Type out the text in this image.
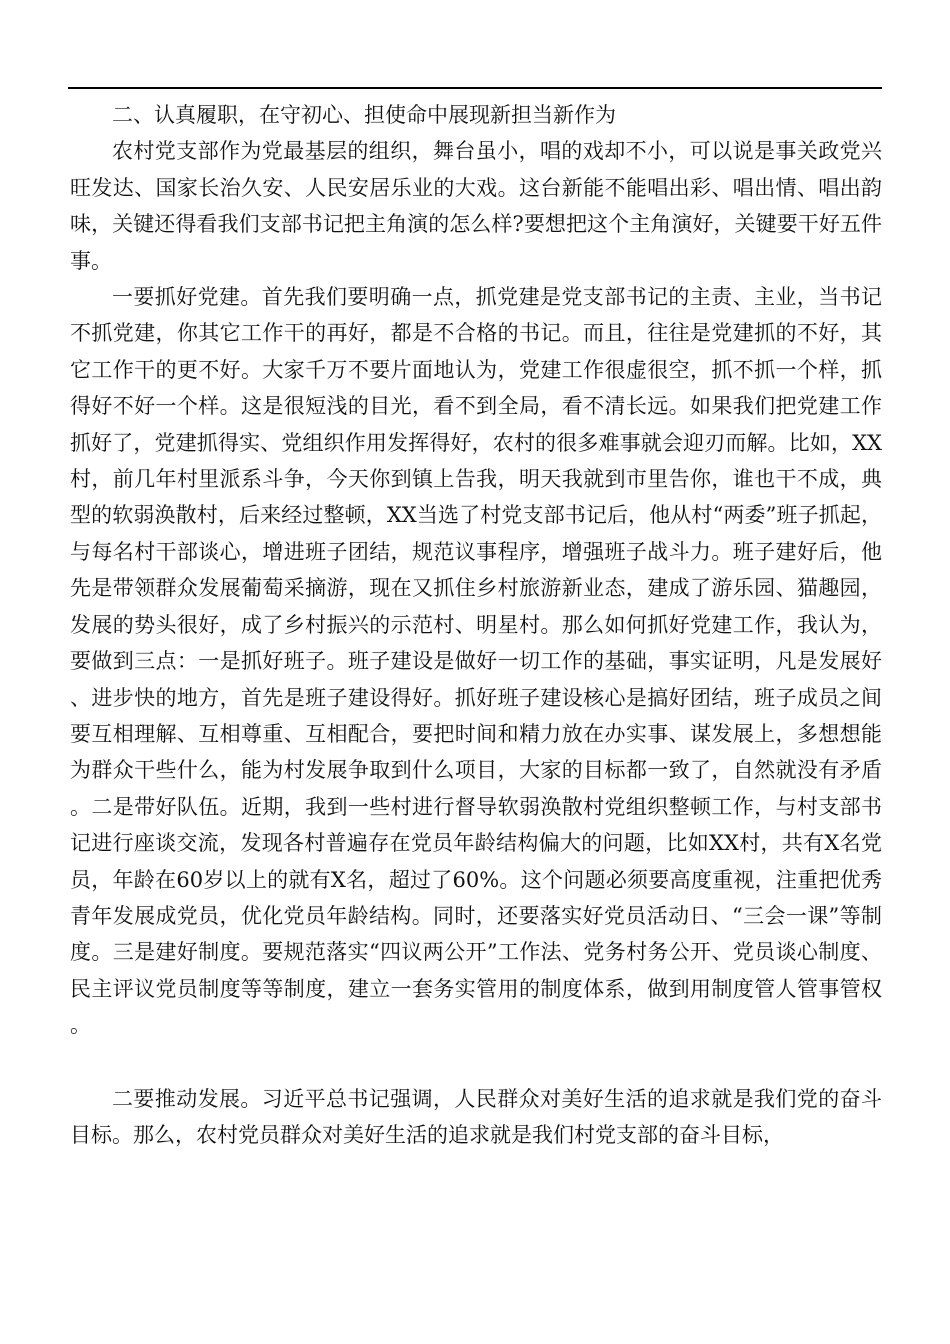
二、认真履职，在守初心、担使命中展现新担当新作为

农村党支部作为党最基层的组织，舞台虽小，唱的戏却不小，可以说是事关政党兴旺发达、国家长治久安、人民安居乐业的大戏。这台新能不能唱出彩、唱出情、唱出韵味，关键还得看我们支部书记把主角演的怎么样?要想把这个主角演好，关键要干好五件事。

一要抓好党建。首先我们要明确一点，抓党建是党支部书记的主责、主业，当书记不抓党建，你其它工作干的再好，都是不合格的书记。而且，往往是党建抓的不好，其它工作干的更不好。大家千万不要片面地认为，党建工作很虚很空，抓不抓一个样，抓得好不好一个样。这是很短浅的目光，看不到全局，看不清长远。如果我们把党建工作抓好了，党建抓得实、党组织作用发挥得好，农村的很多难事就会迎刃而解。比如，XX村，前几年村里派系斗争，今天你到镇上告我，明天我就到市里告你，谁也干不成，典型的软弱涣散村，后来经过整顿，XX当选了村党支部书记后，他从村“两委”班子抓起，与每名村干部谈心，增进班子团结，规范议事程序，增强班子战斗力。班子建好后，他先是带领群众发展葡萄采摘游，现在又抓住乡村旅游新业态，建成了游乐园、猫趣园，发展的势头很好，成了乡村振兴的示范村、明星村。那么如何抓好党建工作，我认为，要做到三点：一是抓好班子。班子建设是做好一切工作的基础，事实证明，凡是发展好、进步快的地方，首先是班子建设得好。抓好班子建设核心是搞好团结，班子成员之间要互相理解、互相尊重、互相配合，要把时间和精力放在办实事、谋发展上，多想想能为群众干些什么，能为村发展争取到什么项目，大家的目标都一致了，自然就没有矛盾。二是带好队伍。近期，我到一些村进行督导软弱涣散村党组织整顿工作，与村支部书记进行座谈交流，发现各村普遍存在党员年龄结构偏大的问题，比如XX村，共有X名党员，年龄在60岁以上的就有X名，超过了60%。这个问题必须要高度重视，注重把优秀青年发展成党员，优化党员年龄结构。同时，还要落实好党员活动日、“三会一课”等制度。三是建好制度。要规范落实“四议两公开”工作法、党务村务公开、党员谈心制度、民主评议党员制度等等制度，建立一套务实管用的制度体系，做到用制度管人管事管权。

二要推动发展。习近平总书记强调，人民群众对美好生活的追求就是我们党的奋斗目标。那么，农村党员群众对美好生活的追求就是我们村党支部的奋斗目标，
